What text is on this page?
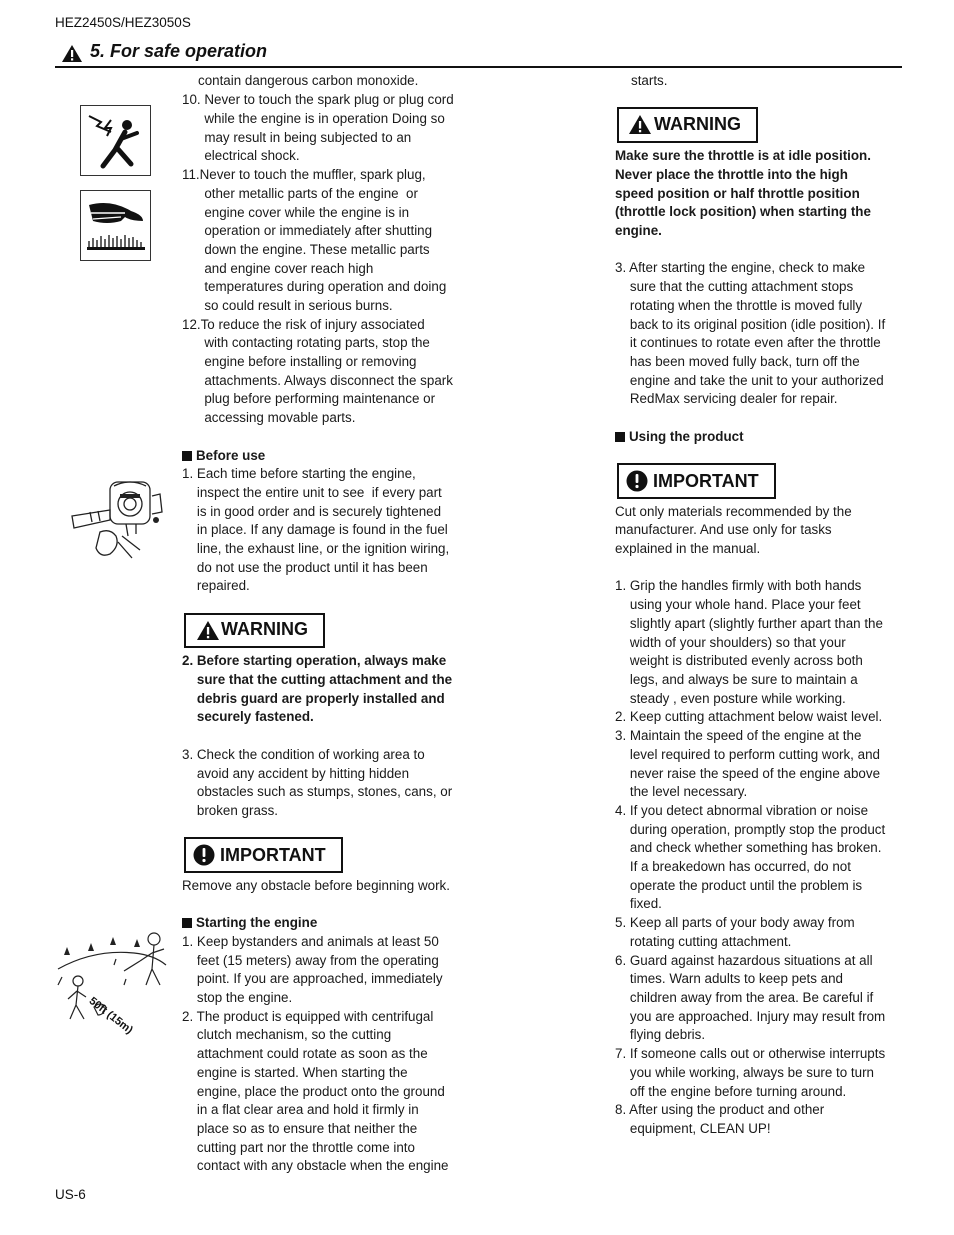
HEZ2450S/HEZ3050S
5. For safe operation
contain dangerous carbon monoxide.
10. Never to touch the spark plug or plug cord
while the engine is in operation Doing so
may result in being subjected to an
electrical shock.
11.Never to touch the muffler, spark plug,
other metallic parts of the engine  or
engine cover while the engine is in
operation or immediately after shutting
down the engine. These metallic parts
and engine cover reach high
temperatures during operation and doing
so could result in serious burns.
12.To reduce the risk of injury associated
with contacting rotating parts, stop the
engine before installing or removing
attachments. Always disconnect the spark
plug before performing maintenance or
accessing movable parts.
Before use
1. Each time before starting the engine,
inspect the entire unit to see  if every part
is in good order and is securely tightened
in place. If any damage is found in the fuel
line, the exhaust line, or the ignition wiring,
do not use the product until it has been
repaired.
WARNING
2. Before starting operation, always make
sure that the cutting attachment and the
debris guard are properly installed and
securely fastened.
3. Check the condition of working area to
avoid any accident by hitting hidden
obstacles such as stumps, stones, cans, or
broken grass.
IMPORTANT
Remove any obstacle before beginning work.
Starting the engine
1. Keep bystanders and animals at least 50
feet (15 meters) away from the operating
point. If you are approached, immediately
stop the engine.
2. The product is equipped with centrifugal
clutch mechanism, so the cutting
attachment could rotate as soon as the
engine is started. When starting the
engine, place the product onto the ground
in a flat clear area and hold it firmly in
place so as to ensure that neither the
cutting part nor the throttle come into
contact with any obstacle when the engine
50ft (15m)
starts.
WARNING
Make sure the throttle is at idle position.
Never place the throttle into the high
speed position or half throttle position
(throttle lock position) when starting the
engine.
3. After starting the engine, check to make
sure that the cutting attachment stops
rotating when the throttle is moved fully
back to its original position (idle position). If
it continues to rotate even after the throttle
has been moved fully back, turn off the
engine and take the unit to your authorized
RedMax servicing dealer for repair.
Using the product
IMPORTANT
Cut only materials recommended by the
manufacturer. And use only for tasks
explained in the manual.
1. Grip the handles firmly with both hands
using your whole hand. Place your feet
slightly apart (slightly further apart than the
width of your shoulders) so that your
weight is distributed evenly across both
legs, and always be sure to maintain a
steady , even posture while working.
2. Keep cutting attachment below waist level.
3. Maintain the speed of the engine at the
level required to perform cutting work, and
never raise the speed of the engine above
the level necessary.
4. If you detect abnormal vibration or noise
during operation, promptly stop the product
and check whether something has broken.
If a breakedown has occurred, do not
operate the product until the problem is
fixed.
5. Keep all parts of your body away from
rotating cutting attachment.
6. Guard against hazardous situations at all
times. Warn adults to keep pets and
children away from the area. Be careful if
you are approached. Injury may result from
flying debris.
7. If someone calls out or otherwise interrupts
you while working, always be sure to turn
off the engine before turning around.
8. After using the product and other
equipment, CLEAN UP!
US-6
